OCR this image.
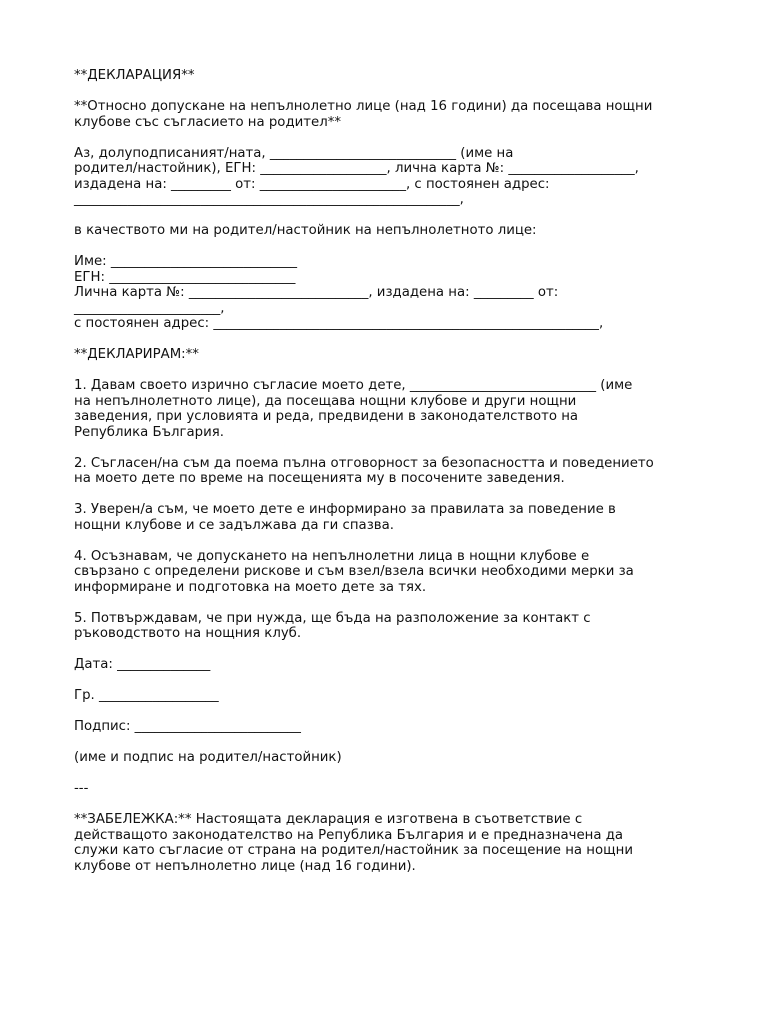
**ДЕКЛАРАЦИЯ**
**Относно допускане на непълнолетно лице (над 16 години) да посещава нощни
клубове със съгласието на родител**
Аз, долуподписаният/ната, ____________________________ (име на
родител/настойник), ЕГН: ___________________, лична карта №: ___________________,
издадена на: _________ от: ______________________, с постоянен адрес:
__________________________________________________________,
в качеството ми на родител/настойник на непълнолетното лице:
Име: ____________________________
ЕГН: ____________________________
Лична карта №: ___________________________, издадена на: _________ от:
______________________,
с постоянен адрес: __________________________________________________________,
**ДЕКЛАРИРАМ:**
1. Давам своето изрично съгласие моето дете, ____________________________ (име
на непълнолетното лице), да посещава нощни клубове и други нощни
заведения, при условията и реда, предвидени в законодателството на
Република България.
2. Съгласен/на съм да поема пълна отговорност за безопасността и поведението
на моето дете по време на посещенията му в посочените заведения.
3. Уверен/а съм, че моето дете е информирано за правилата за поведение в
нощни клубове и се задължава да ги спазва.
4. Осъзнавам, че допускането на непълнолетни лица в нощни клубове е
свързано с определени рискове и съм взел/взела всички необходими мерки за
информиране и подготовка на моето дете за тях.
5. Потвърждавам, че при нужда, ще бъда на разположение за контакт с
ръководството на нощния клуб.
Дата: ______________
Гр. __________________
Подпис: _________________________
(име и подпис на родител/настойник)
---
**ЗАБЕЛЕЖКА:** Настоящата декларация е изготвена в съответствие с
действащото законодателство на Република България и е предназначена да
служи като съгласие от страна на родител/настойник за посещение на нощни
клубове от непълнолетно лице (над 16 години).
